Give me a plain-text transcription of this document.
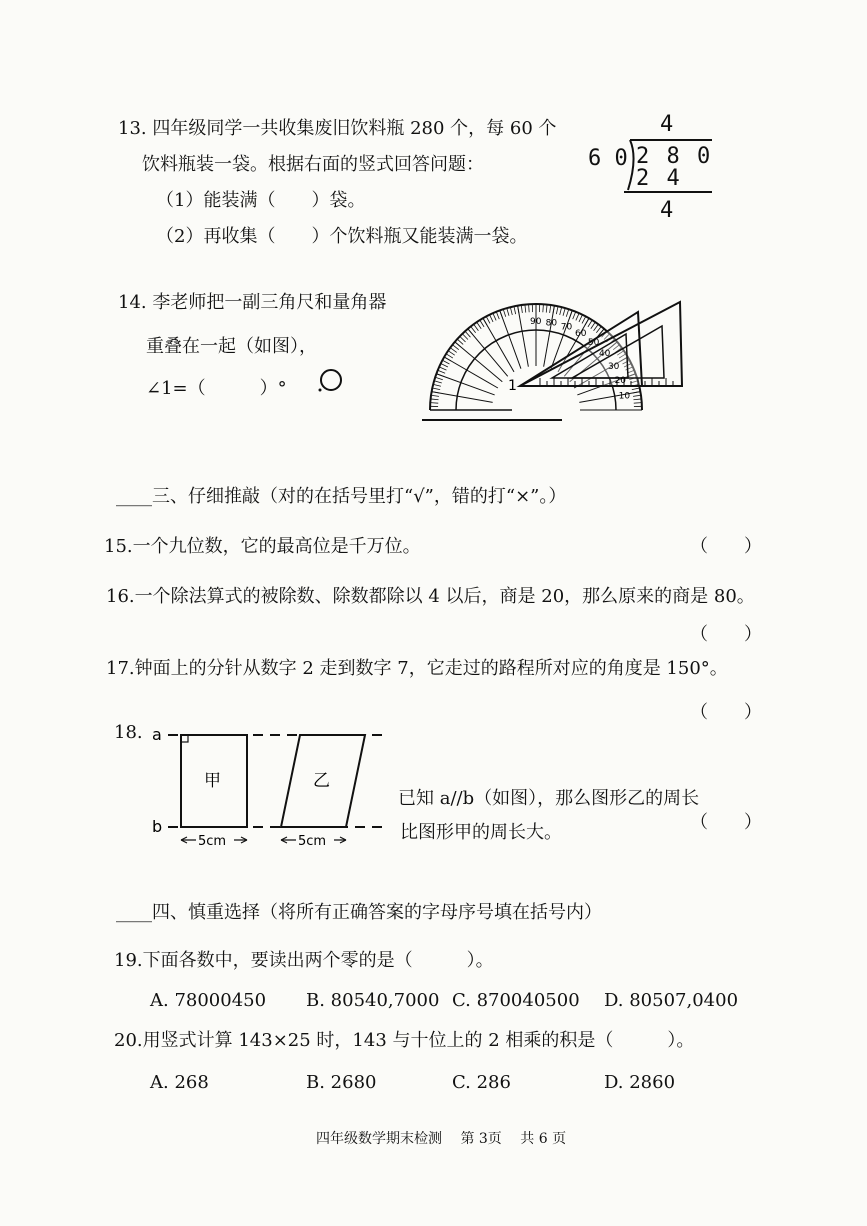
13. 四年级同学一共收集废旧饮料瓶 280 个，每 60 个
饮料瓶装一袋。根据右面的竖式回答问题：
（1）能装满（　　）袋。
（2）再收集（　　）个饮料瓶又能装满一袋。
4
6 0 2 8 0
2 4
4
14. 李老师把一副三角尺和量角器
重叠在一起（如图），
∠1=（　　　）°
90 80 70
60
50
40
30
20
10
1
____三、仔细推敲（对的在括号里打“√”，错的打“×”。）
15.一个九位数，它的最高位是千万位。	（　　）
16.一个除法算式的被除数、除数都除以 4 以后，商是 20，那么原来的商是 80。
（　　）
17.钟面上的分针从数字 2 走到数字 7，它走过的路程所对应的角度是 150°。
（　　）
18.
已知 a//b（如图），那么图形乙的周长
比图形甲的周长大。	（　　）
a
b
甲	乙
5cm	5cm
____四、慎重选择（将所有正确答案的字母序号填在括号内）
19.下面各数中，要读出两个零的是（　　　）。
A. 78000450 B. 80540,7000 C. 870040500 D. 80507,0400
20.用竖式计算 143×25 时，143 与十位上的 2 相乘的积是（　　　）。
A. 268	B. 2680	C. 286	D. 2860
四年级数学期末检测　 第 3页　 共 6 页
